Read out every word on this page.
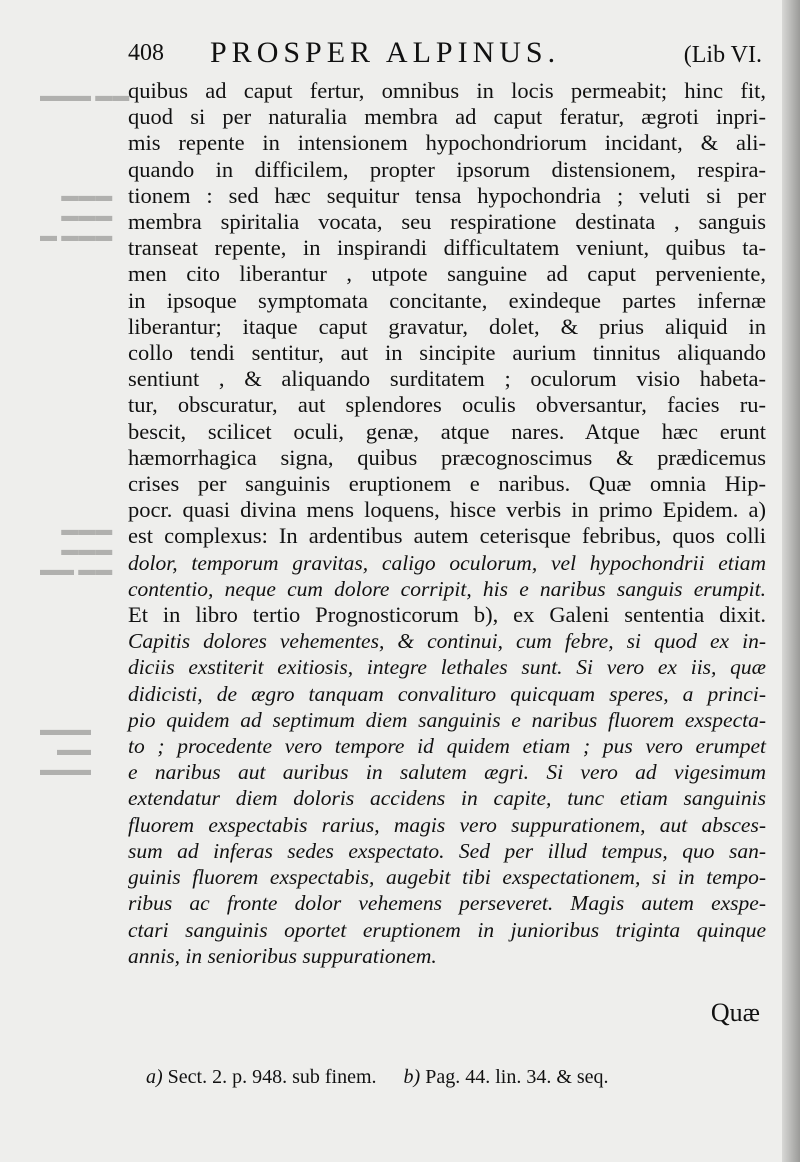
▬▬ ▬▬▬
▬▬▬
▬▬▬
▬▬▬ ▬
▬▬▬
▬▬▬
▬▬ ▬▬
▬▬▬
▬▬
▬▬▬
408 PROSPER ALPINUS.	(Lib VI.
quibus ad caput fertur, omnibus in locis permeabit; hinc fit,
quod si per naturalia membra ad caput feratur, ægroti inpri-
mis repente in intensionem hypochondriorum incidant, & ali-
quando in difficilem, propter ipsorum distensionem, respira-
tionem : sed hæc sequitur tensa hypochondria ; veluti si per
membra spiritalia vocata, seu respiratione destinata , sanguis
transeat repente, in inspirandi difficultatem veniunt, quibus ta-
men cito liberantur , utpote sanguine ad caput perveniente,
in ipsoque symptomata concitante, exindeque partes infernæ
liberantur; itaque caput gravatur, dolet, & prius aliquid in
collo tendi sentitur, aut in sincipite aurium tinnitus aliquando
sentiunt , & aliquando surditatem ; oculorum visio habeta-
tur, obscuratur, aut splendores oculis obversantur, facies ru-
bescit, scilicet oculi, genæ, atque nares. Atque hæc erunt
hæmorrhagica signa, quibus præcognoscimus & prædicemus
crises per sanguinis eruptionem e naribus. Quæ omnia Hip-
pocr. quasi divina mens loquens, hisce verbis in primo Epidem. a)
est complexus: In ardentibus autem ceterisque febribus, quos colli
dolor, temporum gravitas, caligo oculorum, vel hypochondrii etiam
contentio, neque cum dolore corripit, his e naribus sanguis erumpit.
Et in libro tertio Prognosticorum b), ex Galeni sententia dixit.
Capitis dolores vehementes, & continui, cum febre, si quod ex in-
diciis exstiterit exitiosis, integre lethales sunt. Si vero ex iis, quæ
didicisti, de ægro tanquam convalituro quicquam speres, a princi-
pio quidem ad septimum diem sanguinis e naribus fluorem exspecta-
to ; procedente vero tempore id quidem etiam ; pus vero erumpet
e naribus aut auribus in salutem ægri. Si vero ad vigesimum
extendatur diem doloris accidens in capite, tunc etiam sanguinis
fluorem exspectabis rarius, magis vero suppurationem, aut absces-
sum ad inferas sedes exspectato. Sed per illud tempus, quo san-
guinis fluorem exspectabis, augebit tibi exspectationem, si in tempo-
ribus ac fronte dolor vehemens perseveret. Magis autem exspe-
ctari sanguinis oportet eruptionem in junioribus triginta quinque
annis, in senioribus suppurationem.
Quæ
a) Sect. 2. p. 948. sub finem. b) Pag. 44. lin. 34. & seq.
